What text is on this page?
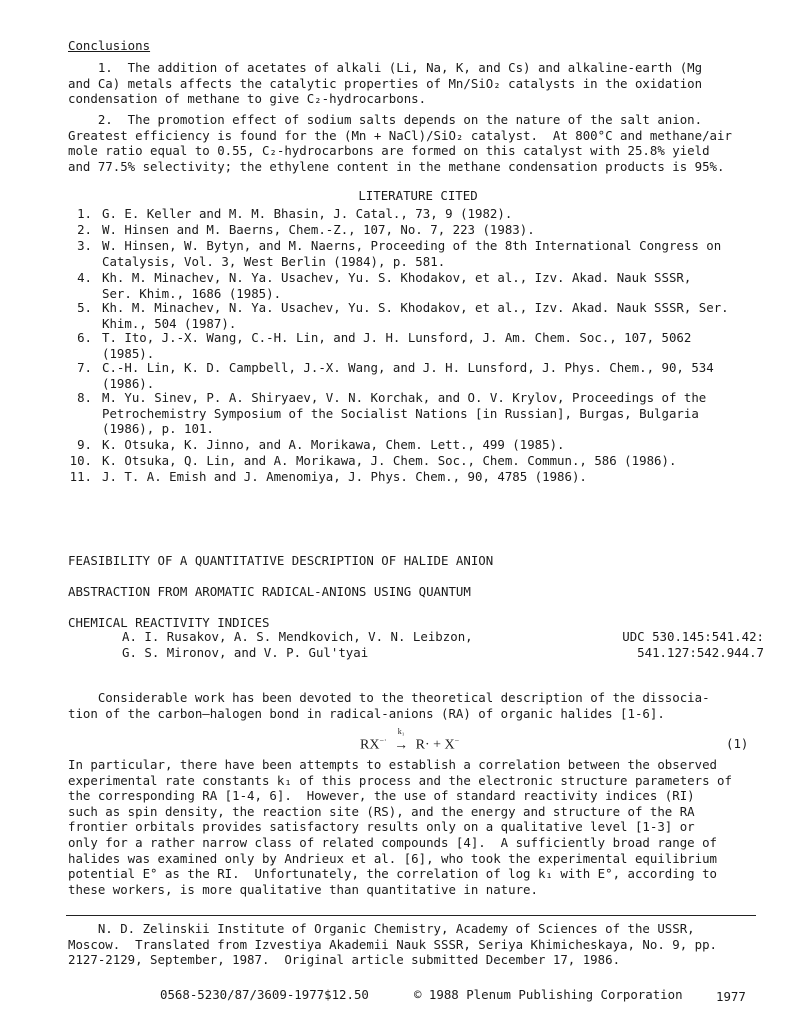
Conclusions
1.  The addition of acetates of alkali (Li, Na, K, and Cs) and alkaline-earth (Mg
and Ca) metals affects the catalytic properties of Mn/SiO₂ catalysts in the oxidation
condensation of methane to give C₂-hydrocarbons.
2.  The promotion effect of sodium salts depends on the nature of the salt anion.
Greatest efficiency is found for the (Mn + NaCl)/SiO₂ catalyst.  At 800°C and methane/air
mole ratio equal to 0.55, C₂-hydrocarbons are formed on this catalyst with 25.8% yield
and 77.5% selectivity; the ethylene content in the methane condensation products is 95%.
LITERATURE CITED
1. G. E. Keller and M. M. Bhasin, J. Catal., 73, 9 (1982).
2. W. Hinsen and M. Baerns, Chem.-Z., 107, No. 7, 223 (1983).
3. W. Hinsen, W. Bytyn, and M. Naerns, Proceeding of the 8th International Congress on
Catalysis, Vol. 3, West Berlin (1984), p. 581.
4. Kh. M. Minachev, N. Ya. Usachev, Yu. S. Khodakov, et al., Izv. Akad. Nauk SSSR,
Ser. Khim., 1686 (1985).
5. Kh. M. Minachev, N. Ya. Usachev, Yu. S. Khodakov, et al., Izv. Akad. Nauk SSSR, Ser.
Khim., 504 (1987).
6. T. Ito, J.-X. Wang, C.-H. Lin, and J. H. Lunsford, J. Am. Chem. Soc., 107, 5062
(1985).
7. C.-H. Lin, K. D. Campbell, J.-X. Wang, and J. H. Lunsford, J. Phys. Chem., 90, 534
(1986).
8. M. Yu. Sinev, P. A. Shiryaev, V. N. Korchak, and O. V. Krylov, Proceedings of the
Petrochemistry Symposium of the Socialist Nations [in Russian], Burgas, Bulgaria
(1986), p. 101.
9. K. Otsuka, K. Jinno, and A. Morikawa, Chem. Lett., 499 (1985).
10. K. Otsuka, Q. Lin, and A. Morikawa, J. Chem. Soc., Chem. Commun., 586 (1986).
11. J. T. A. Emish and J. Amenomiya, J. Phys. Chem., 90, 4785 (1986).
FEASIBILITY OF A QUANTITATIVE DESCRIPTION OF HALIDE ANION

ABSTRACTION FROM AROMATIC RADICAL-ANIONS USING QUANTUM

CHEMICAL REACTIVITY INDICES
A. I. Rusakov, A. S. Mendkovich, V. N. Leibzon,
G. S. Mironov, and V. P. Gul'tyai
UDC 530.145:541.42:
541.127:542.944.7
Considerable work has been devoted to the theoretical description of the dissocia-
tion of the carbon—halogen bond in radical-anions (RA) of organic halides [1-6].
RX−·
k₁
→ R· + X−	(1)
In particular, there have been attempts to establish a correlation between the observed
experimental rate constants k₁ of this process and the electronic structure parameters of
the corresponding RA [1-4, 6].  However, the use of standard reactivity indices (RI)
such as spin density, the reaction site (RS), and the energy and structure of the RA
frontier orbitals provides satisfactory results only on a qualitative level [1-3] or
only for a rather narrow class of related compounds [4].  A sufficiently broad range of
halides was examined only by Andrieux et al. [6], who took the experimental equilibrium
potential E° as the RI.  Unfortunately, the correlation of log k₁ with E°, according to
these workers, is more qualitative than quantitative in nature.
N. D. Zelinskii Institute of Organic Chemistry, Academy of Sciences of the USSR,
Moscow.  Translated from Izvestiya Akademii Nauk SSSR, Seriya Khimicheskaya, No. 9, pp.
2127-2129, September, 1987.  Original article submitted December 17, 1986.
0568-5230/87/3609-1977$12.50	© 1988 Plenum Publishing Corporation	1977
